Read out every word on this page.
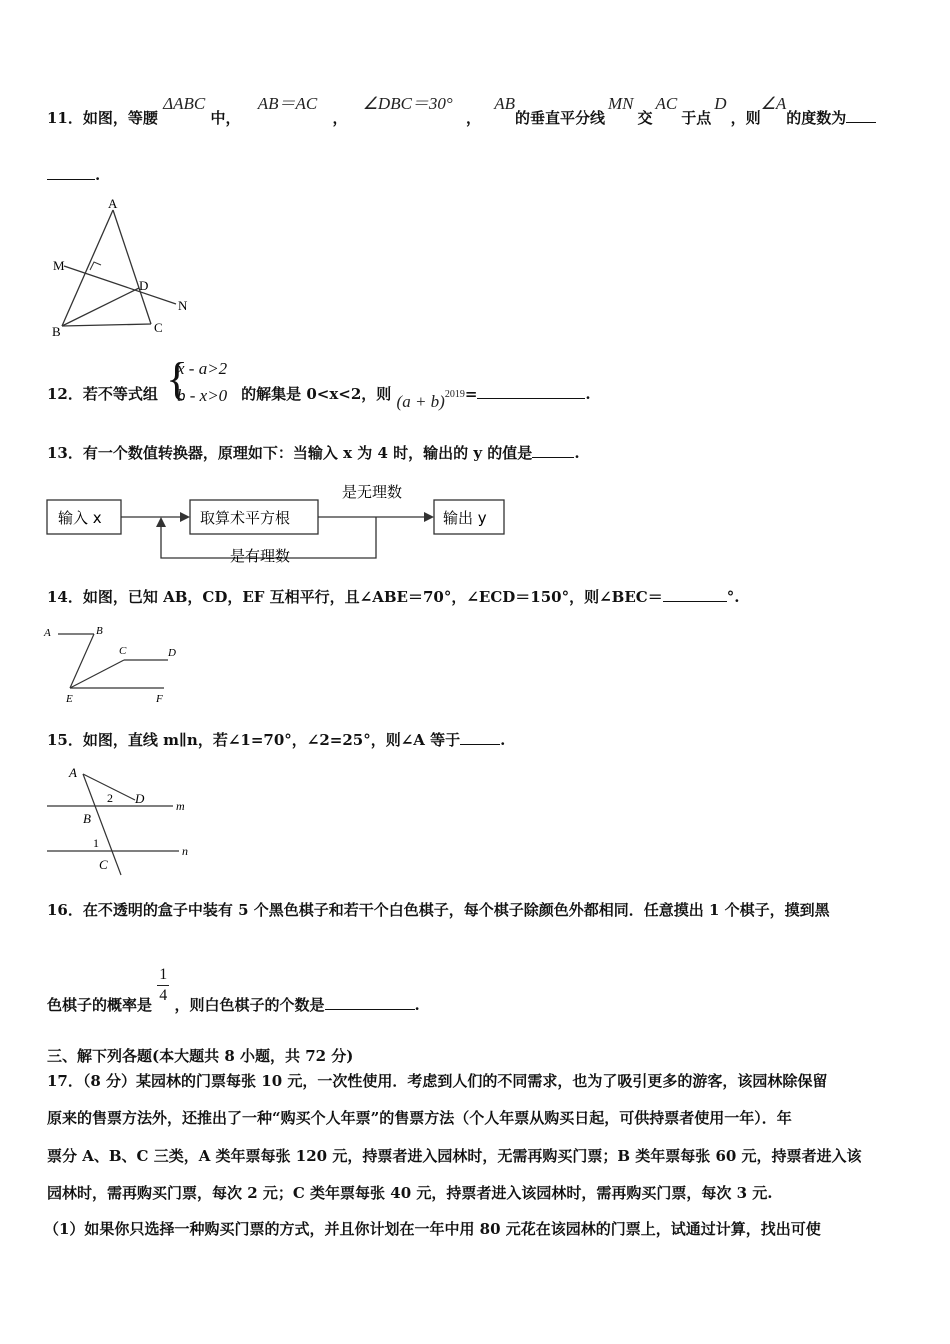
11．如图，等腰 ΔABC 中， AB＝AC ， ∠DBC＝30° ， AB的垂直平分线MN交AC于点D，则∠A的度数为
.
A
M
D
N
B	C
{
x - a>2
b - x>0
12．若不等式组	的解集是 0<x<2，则 (a + b)2019=	.
13．有一个数值转换器，原理如下：当输入 x 为 4 时，输出的 y 的值是	.
输入 x	取算术平方根
是无理数
输出 y
是有理数
14．如图，已知 AB，CD，EF 互相平行，且∠ABE＝70°，∠ECD＝150°，则∠BEC＝	°.
A	B
C	D
E	F
15．如图，直线 m∥n，若∠1=70°，∠2=25°，则∠A 等于	.
A
D	m
2
B
1
C
n
16．在不透明的盒子中装有 5 个黑色棋子和若干个白色棋子，每个棋子除颜色外都相同．任意摸出 1 个棋子，摸到黑
色棋子的概率是 $\frac{1}{4}$ ，则白色棋子的个数是	.
三、解下列各题(本大题共 8 小题，共 72 分)
17．（8 分）某园林的门票每张 10 元，一次性使用．考虑到人们的不同需求，也为了吸引更多的游客，该园林除保留
原来的售票方法外，还推出了一种“购买个人年票”的售票方法（个人年票从购买日起，可供持票者使用一年）．年
票分 A、B、C 三类，A 类年票每张 120 元，持票者进入园林时，无需再购买门票；B 类年票每张 60 元，持票者进入该
园林时，需再购买门票，每次 2 元；C 类年票每张 40 元，持票者进入该园林时，需再购买门票，每次 3 元.
（1）如果你只选择一种购买门票的方式，并且你计划在一年中用 80 元花在该园林的门票上，试通过计算，找出可使
